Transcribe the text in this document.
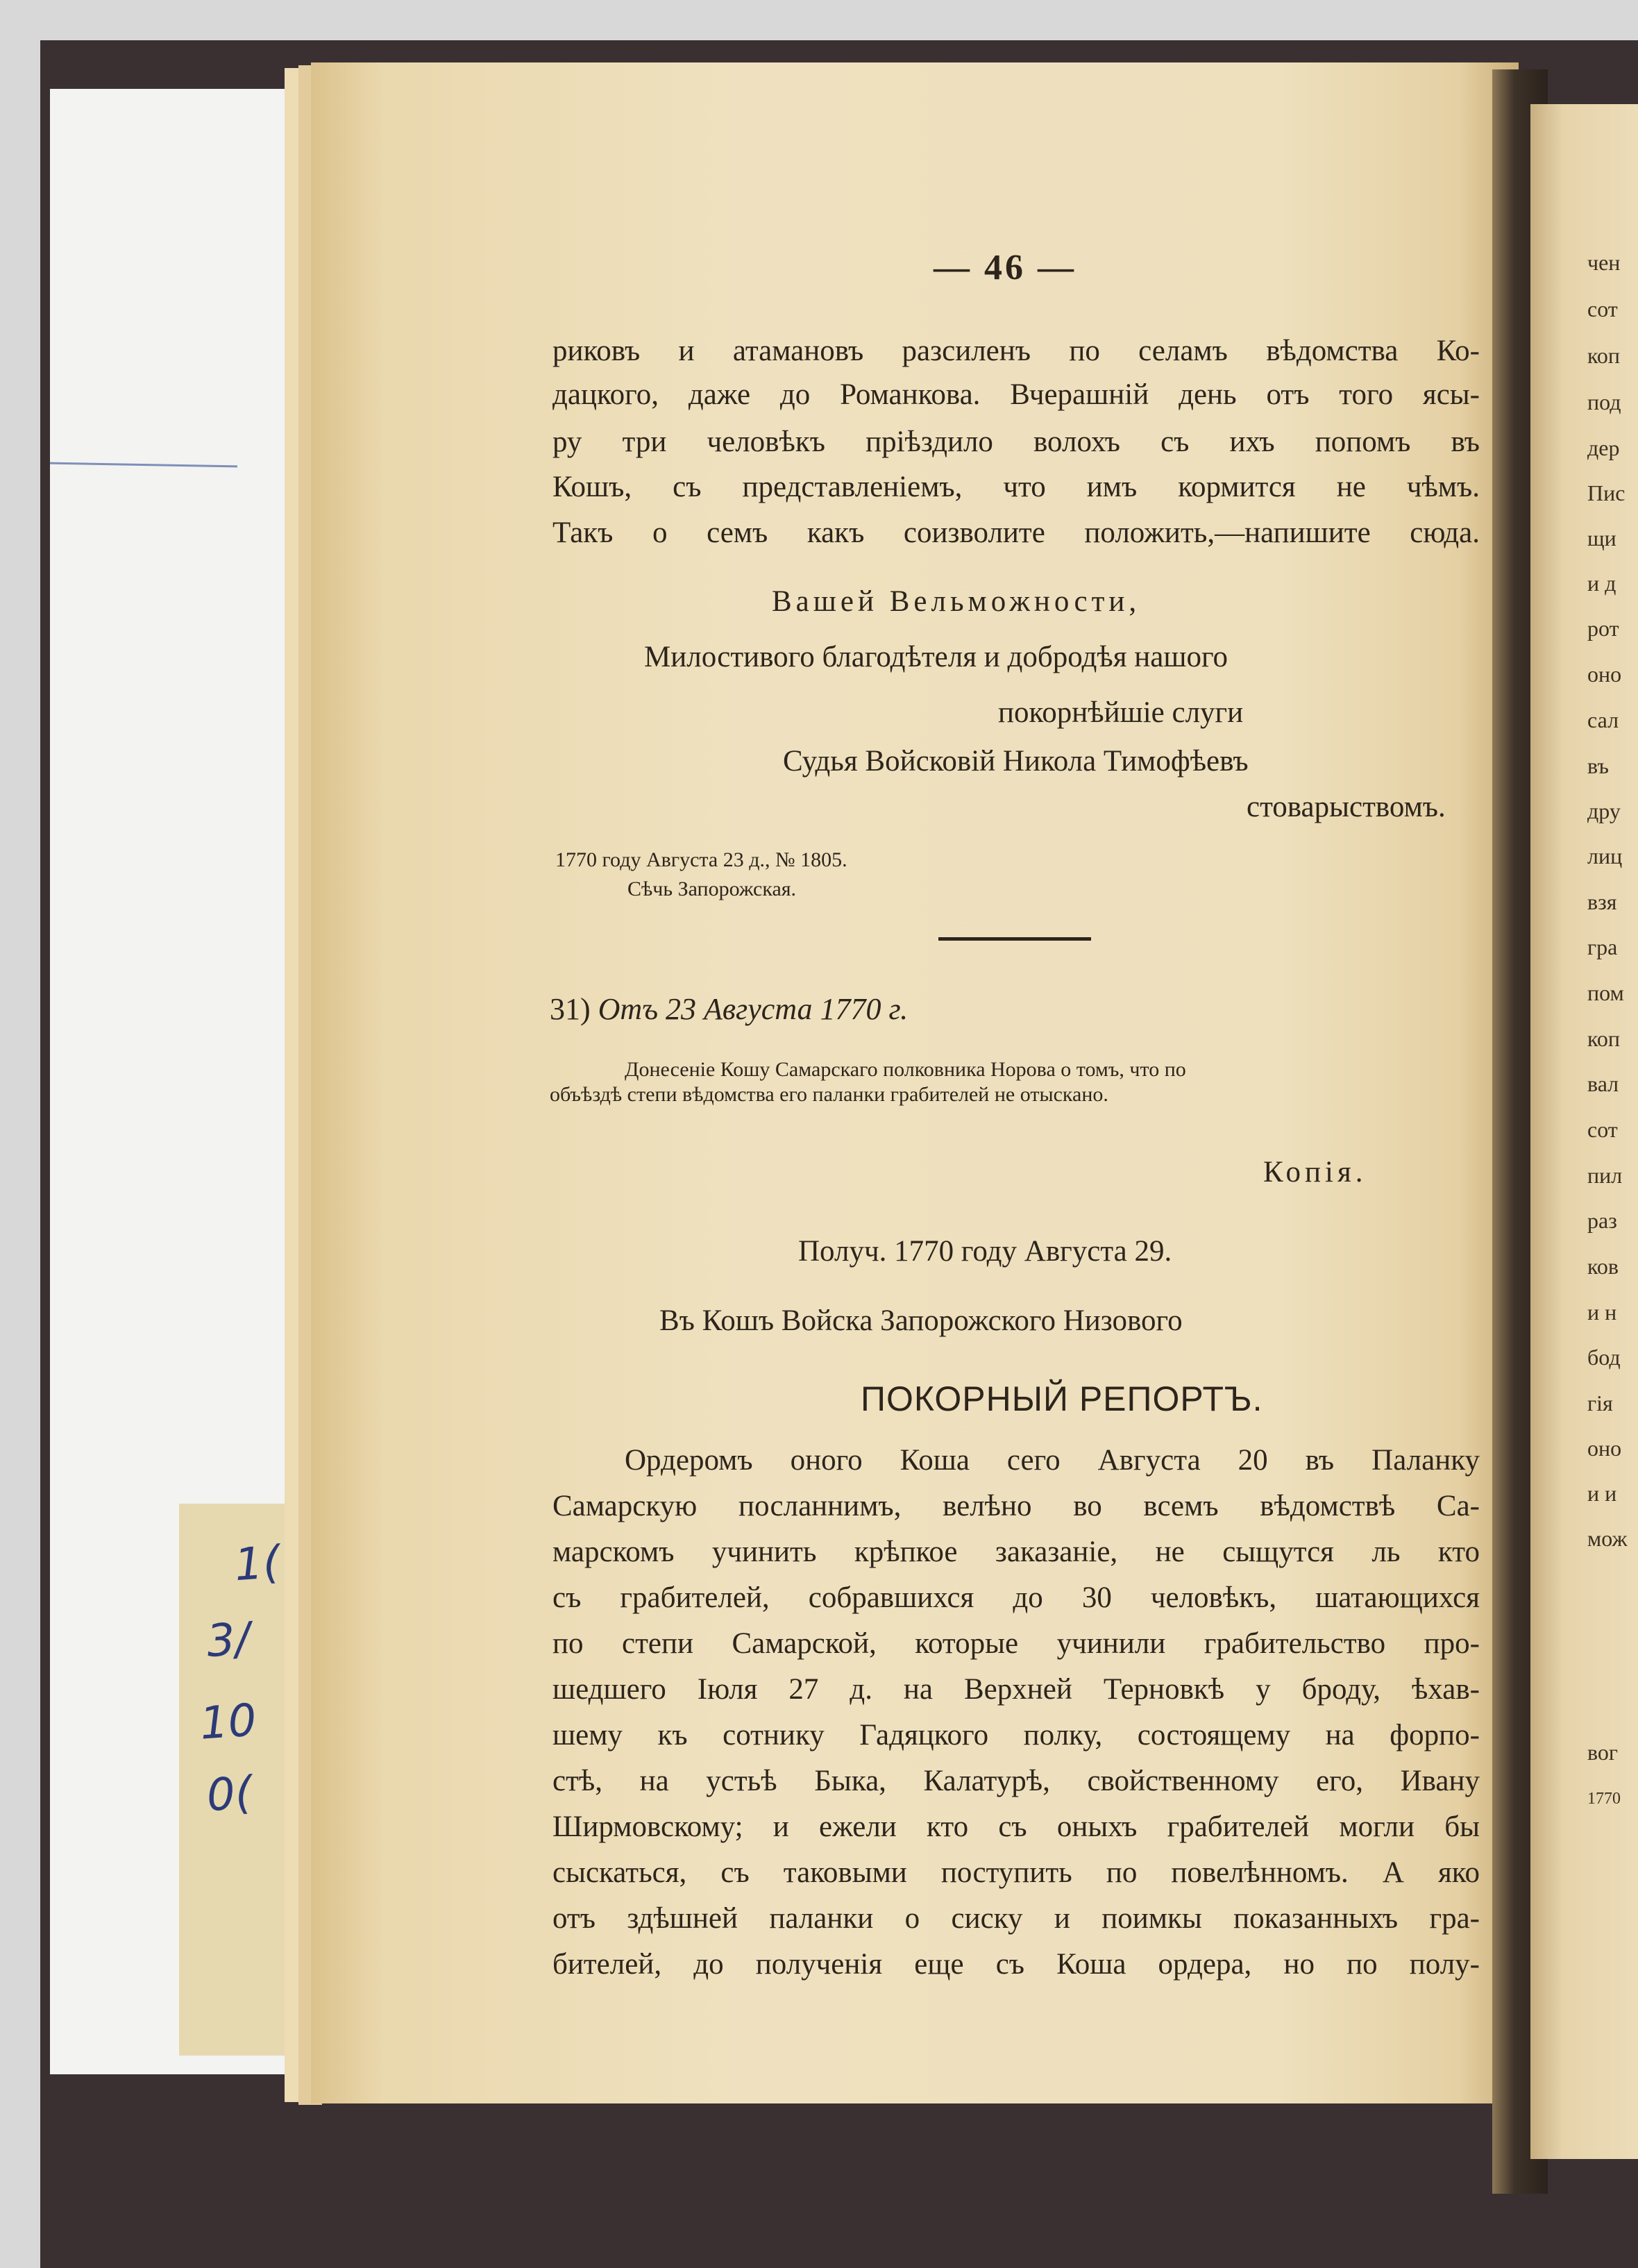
1(
3/
10
0(
чен
сот
коп
под
дер
Пис
щи
и д
рот
оно
сал
въ
дру
лиц
взя
гра
пом
коп
вал
сот
пил
раз
ков
и н
бод
гія
оно
и и
мож
вог
1770
— 46 —
риковъ и атамановъ разсиленъ по селамъ вѣдомства Ко-
дацкого, даже до Романкова. Вчерашній день отъ того ясы-
ру три человѣкъ пріѣздило волохъ съ ихъ попомъ въ
Кошъ, съ представленіемъ, что имъ кормится не чѣмъ.
Такъ о семъ какъ соизволите положить,—напишите сюда.
Вашей Вельможности,
Милостивого благодѣтеля и добродѣя нашого
покорнѣйшіе слуги
Судья Войсковій Никола Тимофѣевъ
стоварыствомъ.
1770 году Августа 23 д., № 1805.
Сѣчь Запорожская.
31) Отъ 23 Августа 1770 г.
Донесеніе Кошу Самарскаго полковника Норова о томъ, что по
объѣздѣ степи вѣдомства его паланки грабителей не отыскано.
Копія.
Получ. 1770 году Августа 29.
Въ Кошъ Войска Запорожского Низового
ПОКОРНЫЙ РЕПОРТЪ.
Ордеромъ оного Коша сего Августа 20 въ Паланку
Самарскую посланнимъ, велѣно во всемъ вѣдомствѣ Са-
марскомъ учинить крѣпкое заказаніе, не сыщутся ль кто
съ грабителей, собравшихся до 30 человѣкъ, шатающихся
по степи Самарской, которые учинили грабительство про-
шедшего Іюля 27 д. на Верхней Терновкѣ у броду, ѣхав-
шему къ сотнику Гадяцкого полку, состоящему на форпо-
стѣ, на устьѣ Быка, Калатурѣ, свойственному его, Ивану
Ширмовскому; и ежели кто съ оныхъ грабителей могли бы
сыскаться, съ таковыми поступить по повелѣнномъ. А яко
отъ здѣшней паланки о сиску и поимкы показанныхъ гра-
бителей, до полученія еще съ Коша ордера, но по полу-
